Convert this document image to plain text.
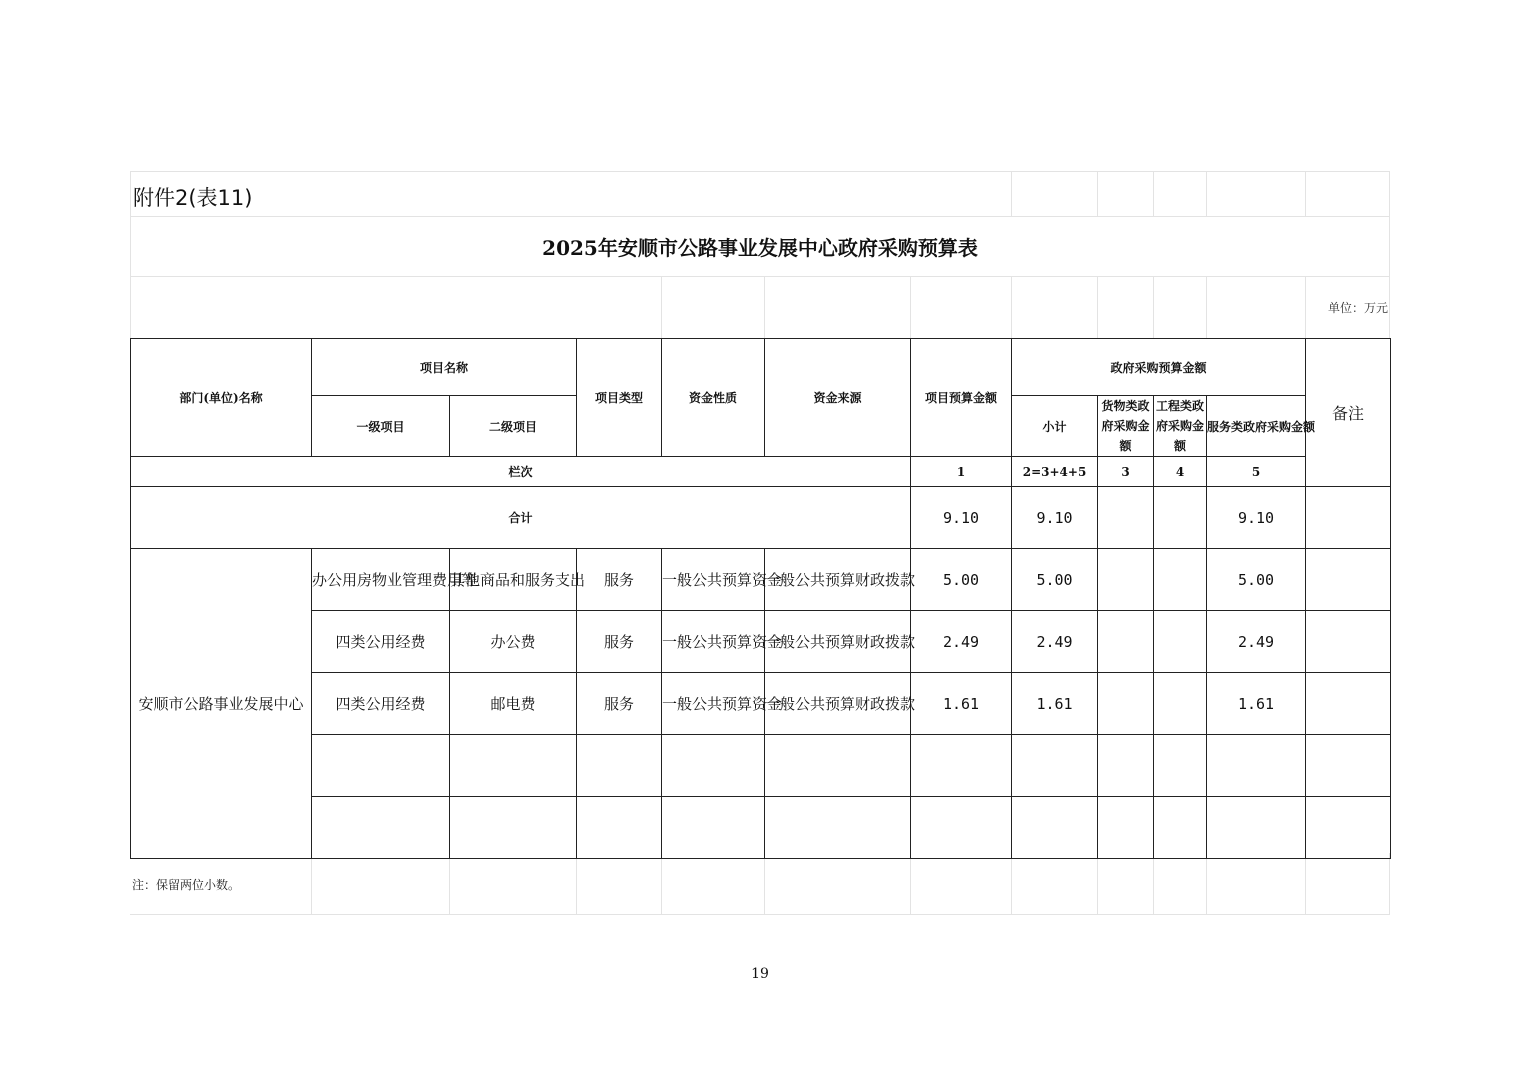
附件2(表11)
2025年安顺市公路事业发展中心政府采购预算表
单位：万元
部门(单位)名称	项目名称		项目类型	资金性质	资金来源	项目预算金额	政府采购预算金额				备注
	一级项目	二级项目					小计	货物类政府采购金额	工程类政府采购金额	服务类政府采购金额	
栏次						1	2=3+4+5	3	4	5	
合计						9.10	9.10			9.10	
安顺市公路事业发展中心	办公用房物业管理费用等	其他商品和服务支出	服务	一般公共预算资金	一般公共预算财政拨款	5.00	5.00			5.00	
	四类公用经费	办公费	服务	一般公共预算资金	一般公共预算财政拨款	2.49	2.49			2.49	
	四类公用经费	邮电费	服务	一般公共预算资金	一般公共预算财政拨款	1.61	1.61			1.61	

注：保留两位小数。
19
